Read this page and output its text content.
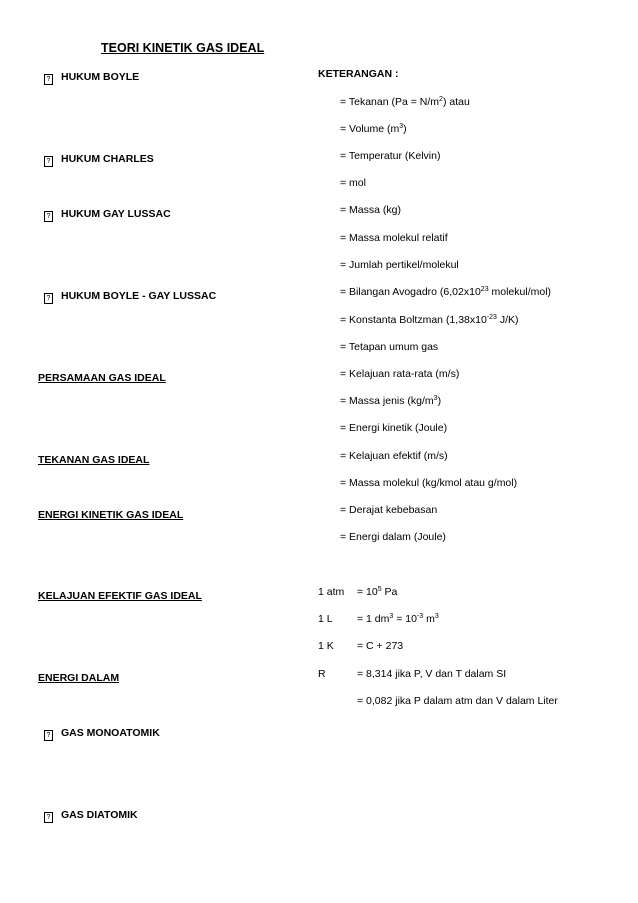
TEORI KINETIK GAS IDEAL
? HUKUM BOYLE
? HUKUM CHARLES
? HUKUM GAY LUSSAC
? HUKUM BOYLE - GAY LUSSAC
PERSAMAAN GAS IDEAL
TEKANAN GAS IDEAL
ENERGI KINETIK GAS IDEAL
KELAJUAN EFEKTIF GAS IDEAL
ENERGI DALAM
? GAS MONOATOMIK
? GAS DIATOMIK
KETERANGAN :
= Tekanan $(Pa = N/m^2)$ atau
= Volume $(m^3)$
= Temperatur (Kelvin)
= mol
= Massa (kg)
= Massa molekul relatif
= Jumlah pertikel/molekul
= Bilangan Avogadro ($6,02x10^{23}$ molekul/mol)
= Konstanta Boltzman ($1,38x10^{-23}$ J/K)
= Tetapan umum gas
= Kelajuan rata-rata (m/s)
= Massa jenis $(kg/m^3)$
= Energi kinetik (Joule)
= Kelajuan efektif (m/s)
= Massa molekul (kg/kmol atau g/mol)
= Derajat kebebasan
= Energi dalam (Joule)
1 atm = $10^5$ Pa
1 L = 1 $dm^3 = 10^{-3}$ $m^3$
1 K = C + 273
R	= 8,314 jika P, V dan T dalam SI
= 0,082 jika P dalam atm dan V dalam Liter
